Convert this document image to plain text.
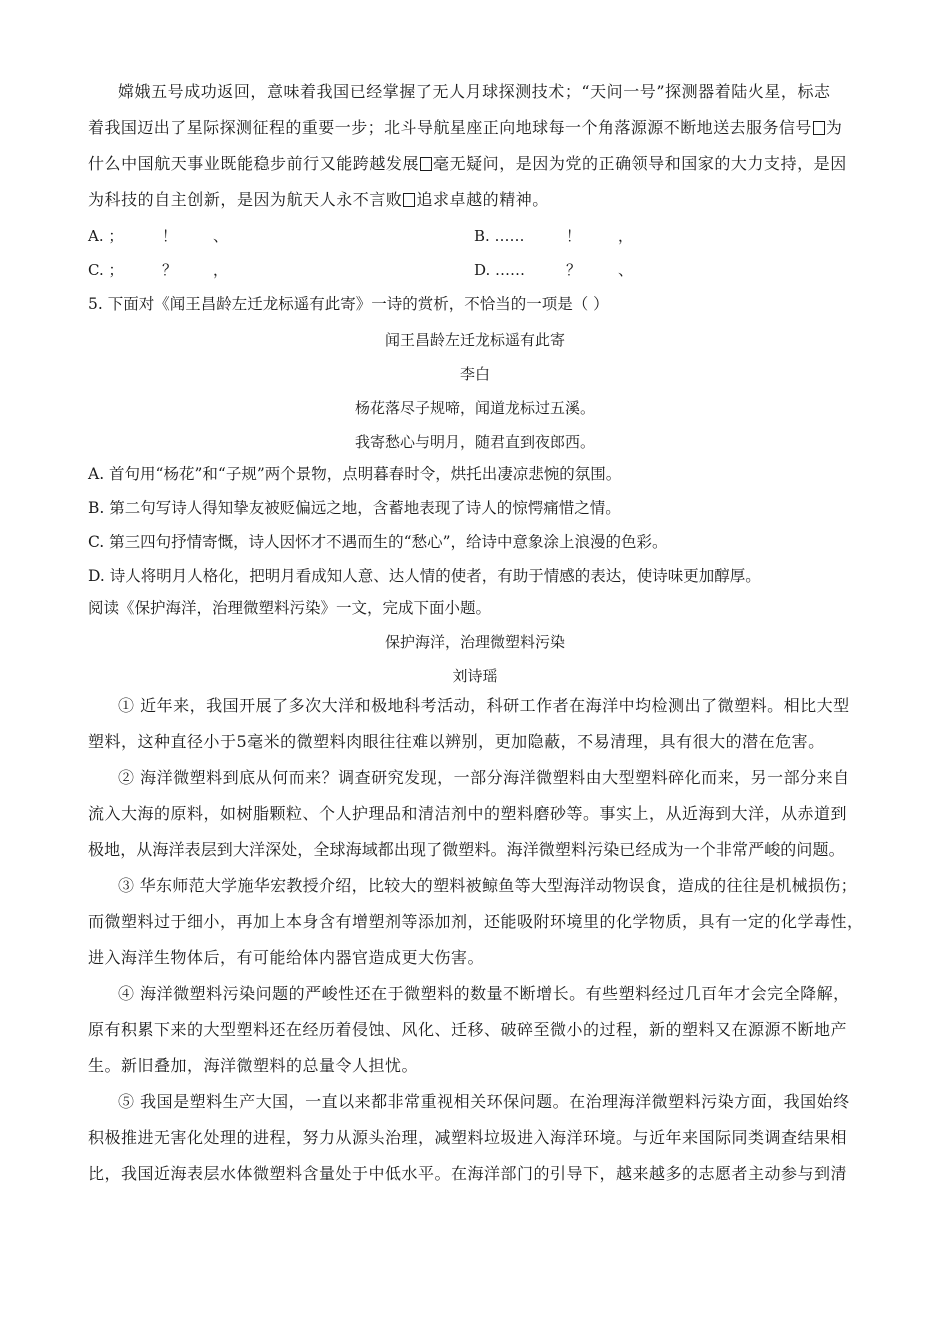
嫦娥五号成功返回，意味着我国已经掌握了无人月球探测技术；“天问一号”探测器着陆火星，标志
着我国迈出了星际探测征程的重要一步；北斗导航星座正向地球每一个角落源源不断地送去服务信号 为
什么中国航天事业既能稳步前行又能跨越发展 毫无疑问，是因为党的正确领导和国家的大力支持，是因
为科技的自主创新，是因为航天人永不言败 追求卓越的精神。
A. ；	！ 、	B. ……	！ ，
C. ；	？ ，	D. ……	？ 、
5. 下面对《闻王昌龄左迁龙标遥有此寄》一诗的赏析，不恰当的一项是（ ）
闻王昌龄左迁龙标遥有此寄
李白
杨花落尽子规啼，闻道龙标过五溪。
我寄愁心与明月，随君直到夜郎西。
A. 首句用“杨花”和“子规”两个景物，点明暮春时令，烘托出凄凉悲惋的氛围。
B. 第二句写诗人得知挚友被贬偏远之地，含蓄地表现了诗人的惊愕痛惜之情。
C. 第三四句抒情寄慨，诗人因怀才不遇而生的“愁心”，给诗中意象涂上浪漫的色彩。
D. 诗人将明月人格化，把明月看成知人意、达人情的使者，有助于情感的表达，使诗味更加醇厚。
阅读《保护海洋，治理微塑料污染》一文，完成下面小题。
保护海洋，治理微塑料污染
刘诗瑶
① 近年来，我国开展了多次大洋和极地科考活动，科研工作者在海洋中均检测出了微塑料。相比大型
塑料，这种直径小于5毫米的微塑料肉眼往往难以辨别，更加隐蔽，不易清理，具有很大的潜在危害。
② 海洋微塑料到底从何而来？调查研究发现，一部分海洋微塑料由大型塑料碎化而来，另一部分来自
流入大海的原料，如树脂颗粒、个人护理品和清洁剂中的塑料磨砂等。事实上，从近海到大洋，从赤道到
极地，从海洋表层到大洋深处，全球海域都出现了微塑料。海洋微塑料污染已经成为一个非常严峻的问题。
③ 华东师范大学施华宏教授介绍，比较大的塑料被鲸鱼等大型海洋动物误食，造成的往往是机械损伤；
而微塑料过于细小，再加上本身含有增塑剂等添加剂，还能吸附环境里的化学物质，具有一定的化学毒性，
进入海洋生物体后，有可能给体内器官造成更大伤害。
④ 海洋微塑料污染问题的严峻性还在于微塑料的数量不断增长。有些塑料经过几百年才会完全降解，
原有积累下来的大型塑料还在经历着侵蚀、风化、迁移、破碎至微小的过程，新的塑料又在源源不断地产
生。新旧叠加，海洋微塑料的总量令人担忧。
⑤ 我国是塑料生产大国，一直以来都非常重视相关环保问题。在治理海洋微塑料污染方面，我国始终
积极推进无害化处理的进程，努力从源头治理，减塑料垃圾进入海洋环境。与近年来国际同类调查结果相
比，我国近海表层水体微塑料含量处于中低水平。在海洋部门的引导下，越来越多的志愿者主动参与到清
